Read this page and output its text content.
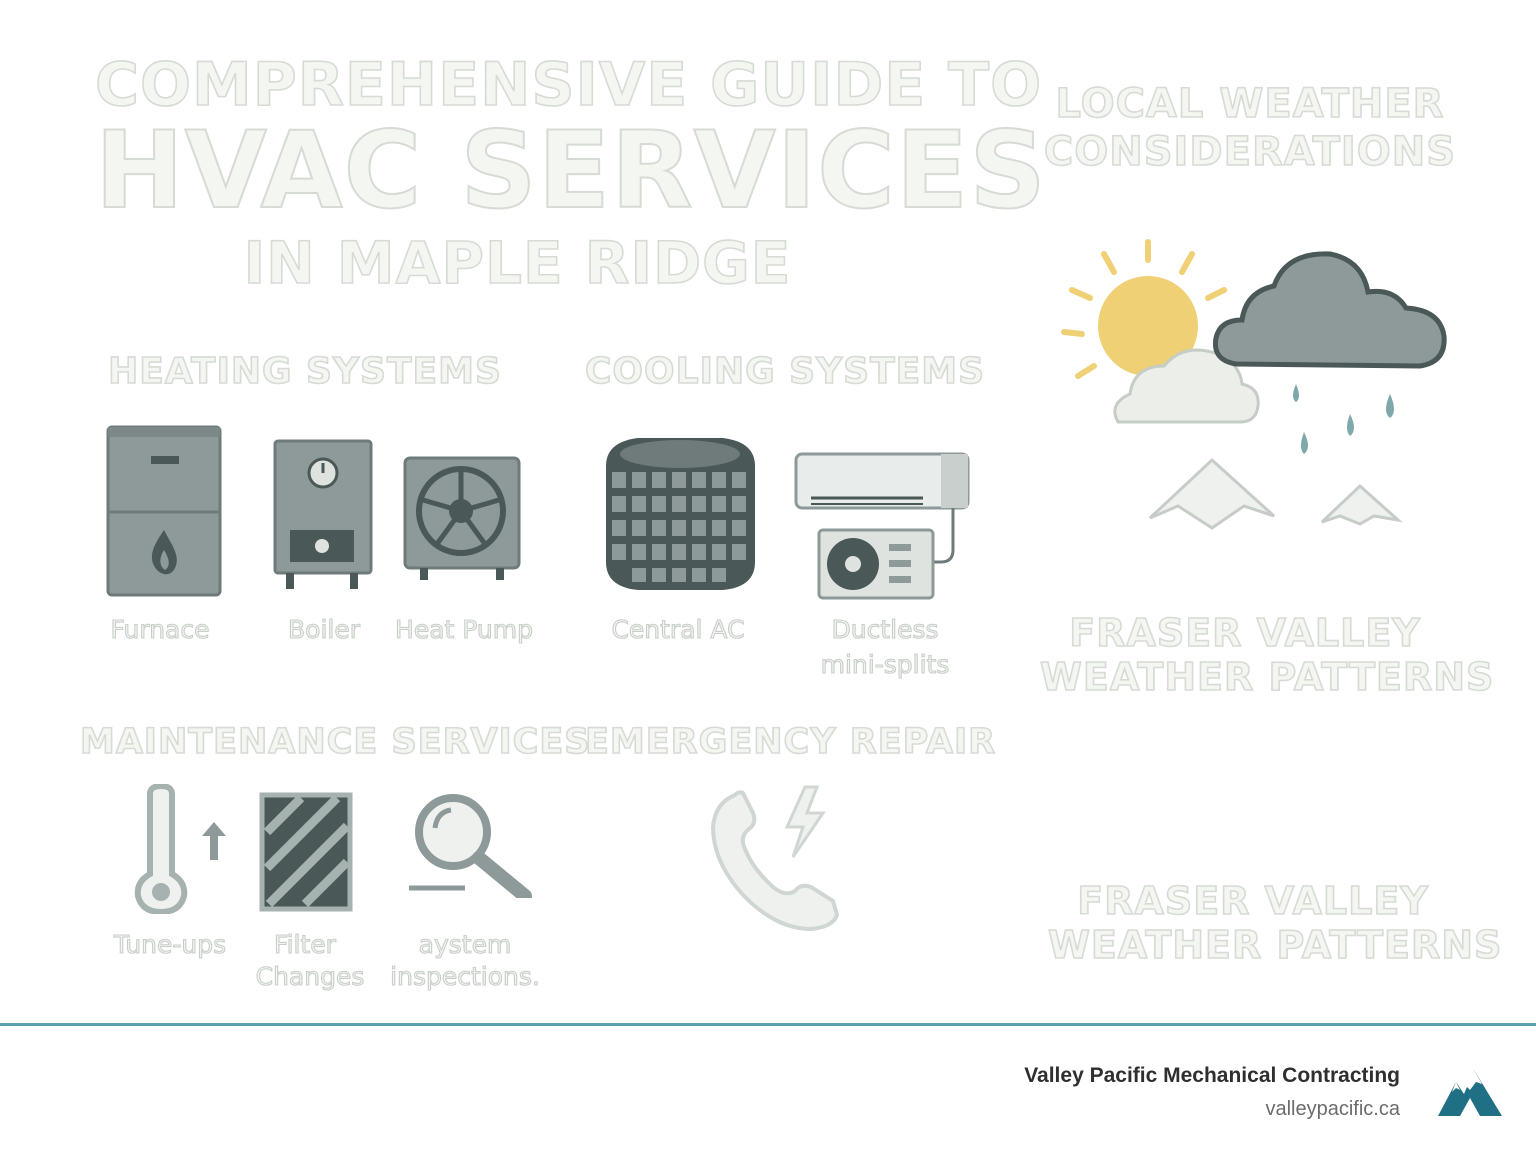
COMPREHENSIVE GUIDE TO
HVAC SERVICES
IN MAPLE RIDGE
HEATING SYSTEMS
Furnace	Boiler	Heat Pump
COOLING SYSTEMS
Central AC	Ductless
mini-splits
MAINTENANCE SERVICES
Tune-ups	Filter
Changes
aystem
inspections.
EMERGENCY REPAIR
LOCAL WEATHER
CONSIDERATIONS
FRASER VALLEY
WEATHER PATTERNS
FRASER VALLEY
WEATHER PATTERNS
Valley Pacific Mechanical Contracting
valleypacific.ca
